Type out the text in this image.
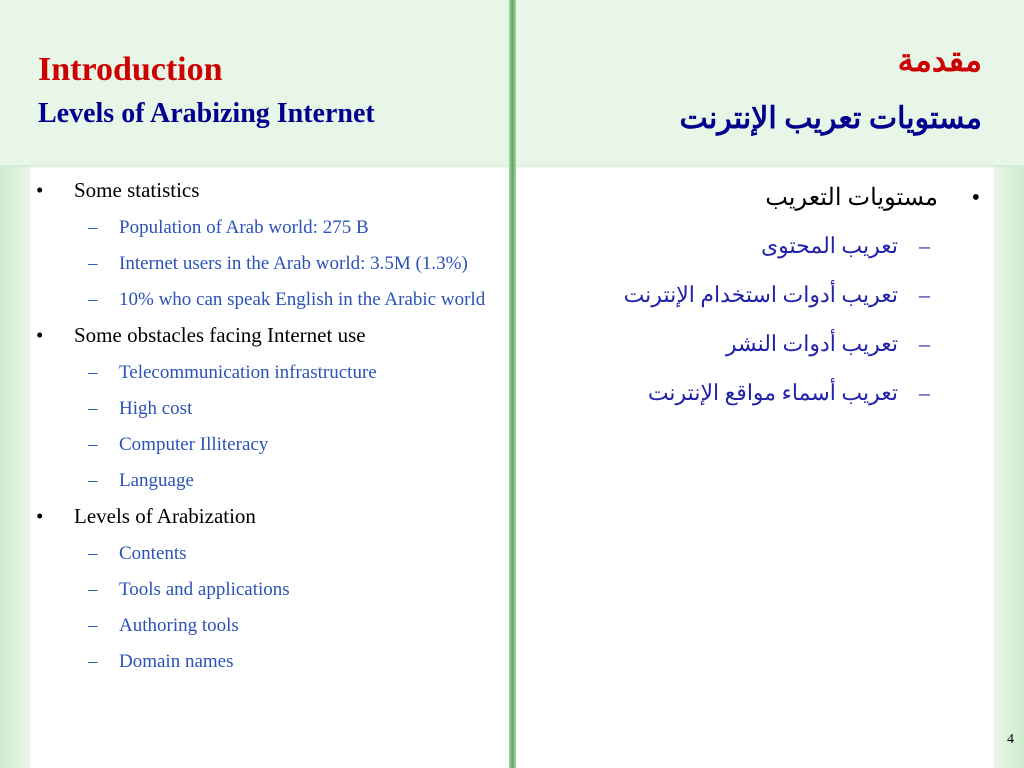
Introduction
Levels of Arabizing Internet
مقدمة
مستويات تعريب الإنترنت
•	Some statistics
– Population of Arab world: 275 B
– Internet users in the Arab world: 3.5M (1.3%)
– 10% who can speak English in the Arabic world
•	Some obstacles facing Internet use
– Telecommunication infrastructure
– High cost
– Computer Illiteracy
– Language
•	Levels of Arabization
– Contents
– Tools and applications
– Authoring tools
– Domain names
•
مستويات التعريب
–
تعريب المحتوى
–
تعريب أدوات استخدام الإنترنت
–
تعريب أدوات النشر
–
تعريب أسماء مواقع الإنترنت
4
